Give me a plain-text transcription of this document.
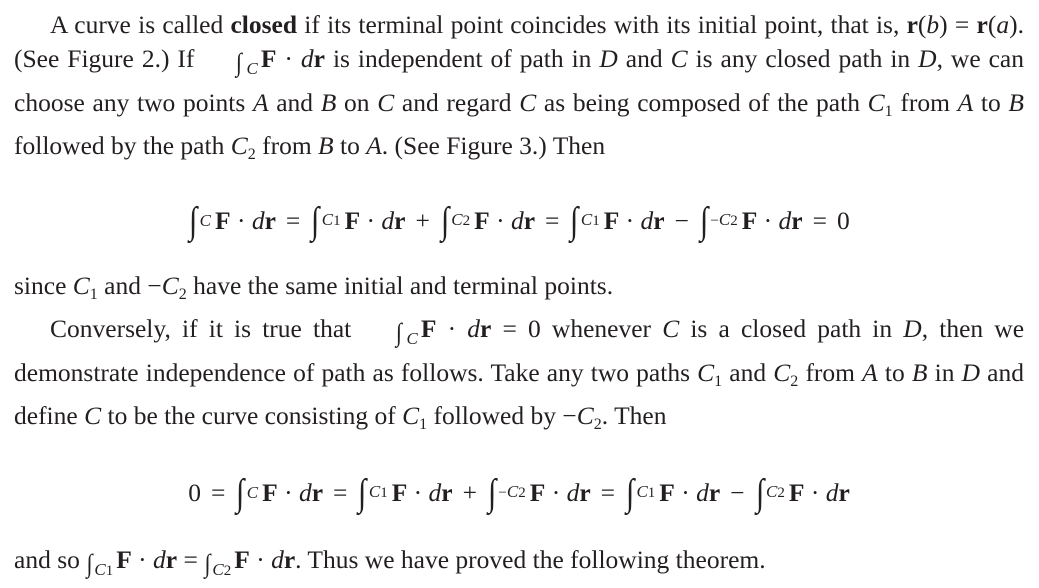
A curve is called closed if its terminal point coincides with its initial point, that is, r(b) = r(a). (See Figure 2.) If ∫ $_C$ F · dr is independent of path in D and C is any closed path in D, we can choose any two points A and B on C and regard C as being composed of the path C1 from A to B followed by the path C2 from B to A. (See Figure 3.) Then

∫ C F
·
d r = ∫ C1 F
·
d r + ∫ C2 F
·
d r = ∫ C1 F
·
d r − ∫ −C2 F
·
d r = 0

since C1 and −C2 have the same initial and terminal points.

Conversely, if it is true that ∫ $_C$ F · dr = 0 whenever C is a closed path in D, then we demonstrate independence of path as follows. Take any two paths C1 and C2 from A to B in D and define C to be the curve consisting of C1 followed by −C2. Then

0 = ∫ C F
·
d r = ∫ C1 F
·
d r + ∫ −C2 F
·
d r = ∫ C1 F
·
d r − ∫ C2 F
·
d r

and so $\int_{C1}$ F · dr = $\int_{C2}$ F · dr. Thus we have proved the following theorem.
